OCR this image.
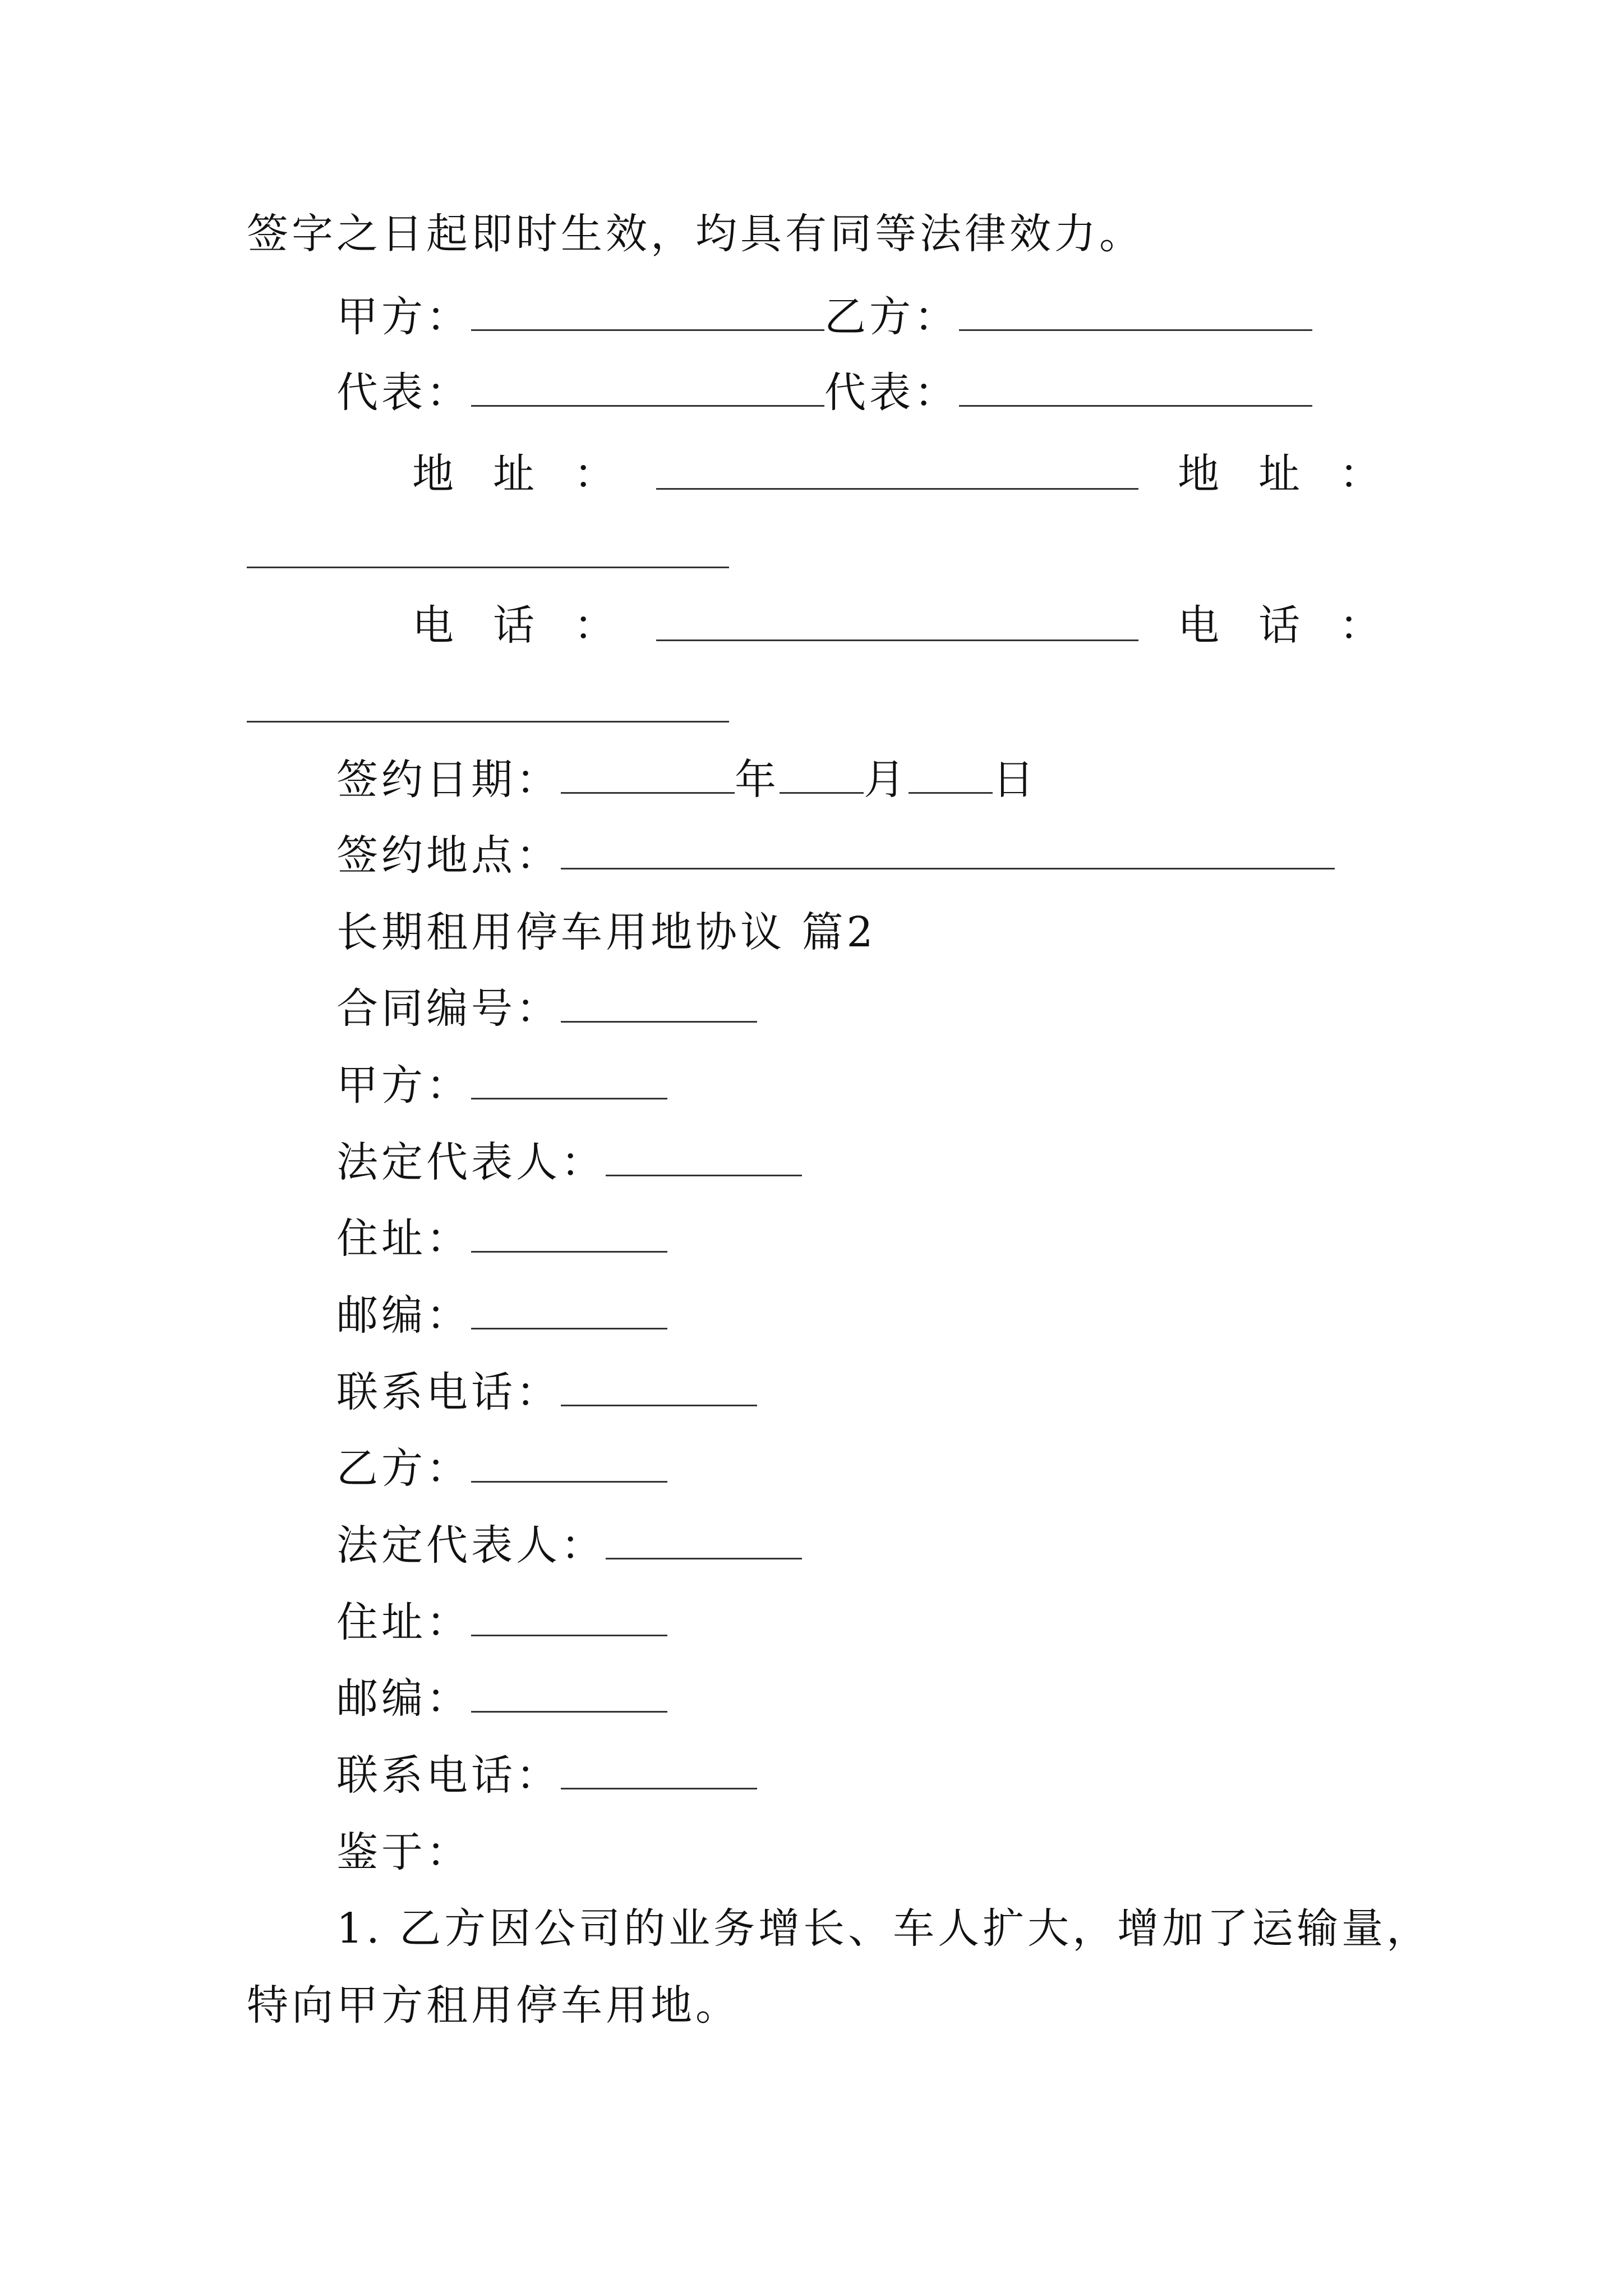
签字之日起即时生效，均具有同等法律效力。
甲方：	乙方：
代表：	代表：
地址：	地址：
电话：	电话：
签约日期：	年 月 日
签约地点：
长期租用停车用地协议 篇2
合同编号：
甲方：
法定代表人：
住址：
邮编：
联系电话：
乙方：
法定代表人：
住址：
邮编：
联系电话：
鉴于：
1. 乙方因公司的业务增长、车人扩大，增加了运输量，
特向甲方租用停车用地。
